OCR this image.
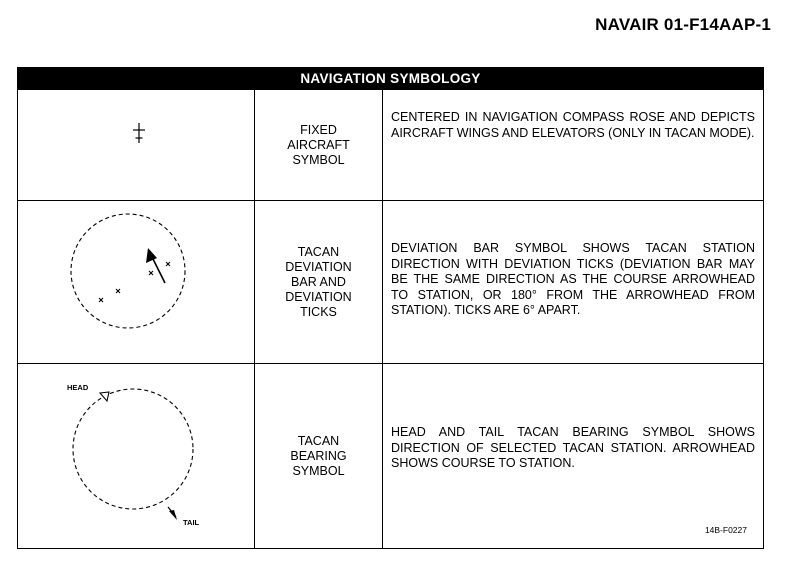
NAVAIR 01-F14AAP-1
NAVIGATION SYMBOLOGY
FIXED
AIRCRAFT
SYMBOL
CENTERED IN NAVIGATION COMPASS ROSE AND DEPICTS AIRCRAFT WINGS AND ELEVATORS (ONLY IN TACAN MODE).
TACAN
DEVIATION
BAR AND
DEVIATION
TICKS
DEVIATION BAR SYMBOL SHOWS TACAN STATION DIRECTION WITH DEVIATION TICKS (DEVIATION BAR MAY BE THE SAME DIRECTION AS THE COURSE ARROWHEAD TO STATION, OR 180° FROM THE ARROWHEAD FROM STATION). TICKS ARE 6° APART.
HEAD
TAIL
TACAN
BEARING
SYMBOL
HEAD AND TAIL TACAN BEARING SYMBOL SHOWS DIRECTION OF SELECTED TACAN STATION. ARROWHEAD SHOWS COURSE TO STATION.
14B-F0227
